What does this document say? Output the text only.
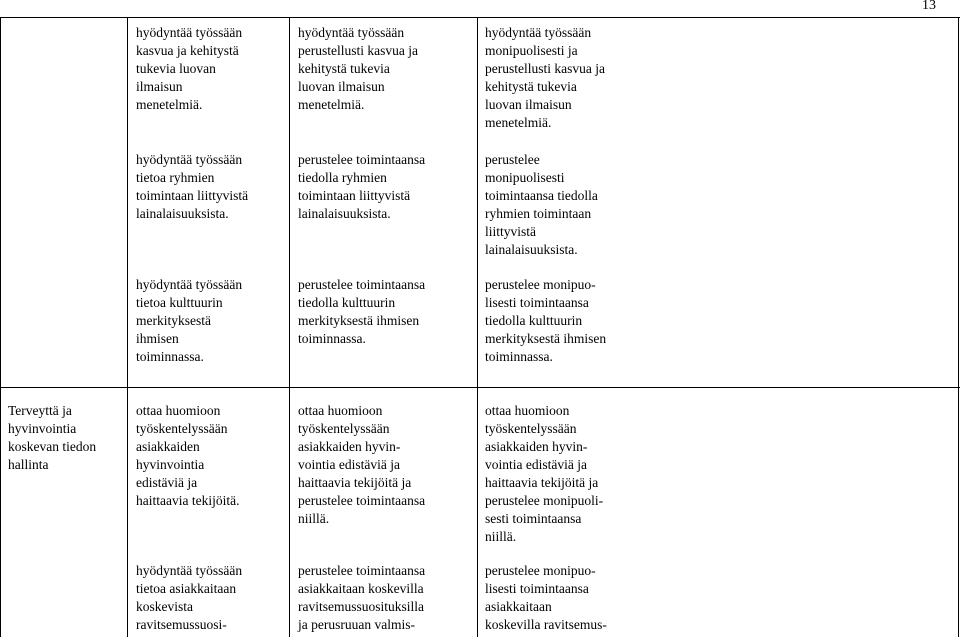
13
hyödyntää työssään
kasvua ja kehitystä
tukevia luovan
ilmaisun
menetelmiä.
hyödyntää työssään
perustellusti kasvua ja
kehitystä tukevia
luovan ilmaisun
menetelmiä.
hyödyntää työssään
monipuolisesti ja
perustellusti kasvua ja
kehitystä tukevia
luovan ilmaisun
menetelmiä.
hyödyntää työssään
tietoa ryhmien
toimintaan liittyvistä
lainalaisuuksista.
perustelee toimintaansa
tiedolla ryhmien
toimintaan liittyvistä
lainalaisuuksista.
perustelee
monipuolisesti
toimintaansa tiedolla
ryhmien toimintaan
liittyvistä
lainalaisuuksista.
hyödyntää työssään
tietoa kulttuurin
merkityksestä
ihmisen
toiminnassa.
perustelee toimintaansa
tiedolla kulttuurin
merkityksestä ihmisen
toiminnassa.
perustelee monipuo-
lisesti toimintaansa
tiedolla kulttuurin
merkityksestä ihmisen
toiminnassa.
Terveyttä ja
hyvinvointia
koskevan tiedon
hallinta
ottaa huomioon
työskentelyssään
asiakkaiden
hyvinvointia
edistäviä ja
haittaavia tekijöitä.
ottaa huomioon
työskentelyssään
asiakkaiden hyvin-
vointia edistäviä ja
haittaavia tekijöitä ja
perustelee toimintaansa
niillä.
ottaa huomioon
työskentelyssään
asiakkaiden hyvin-
vointia edistäviä ja
haittaavia tekijöitä ja
perustelee monipuoli-
sesti toimintaansa
niillä.
hyödyntää työssään
tietoa asiakkaitaan
koskevista
ravitsemussuosi-
perustelee toimintaansa
asiakkaitaan koskevilla
ravitsemussuosituksilla
ja perusruuan valmis-
perustelee monipuo-
lisesti toimintaansa
asiakkaitaan
koskevilla ravitsemus-
